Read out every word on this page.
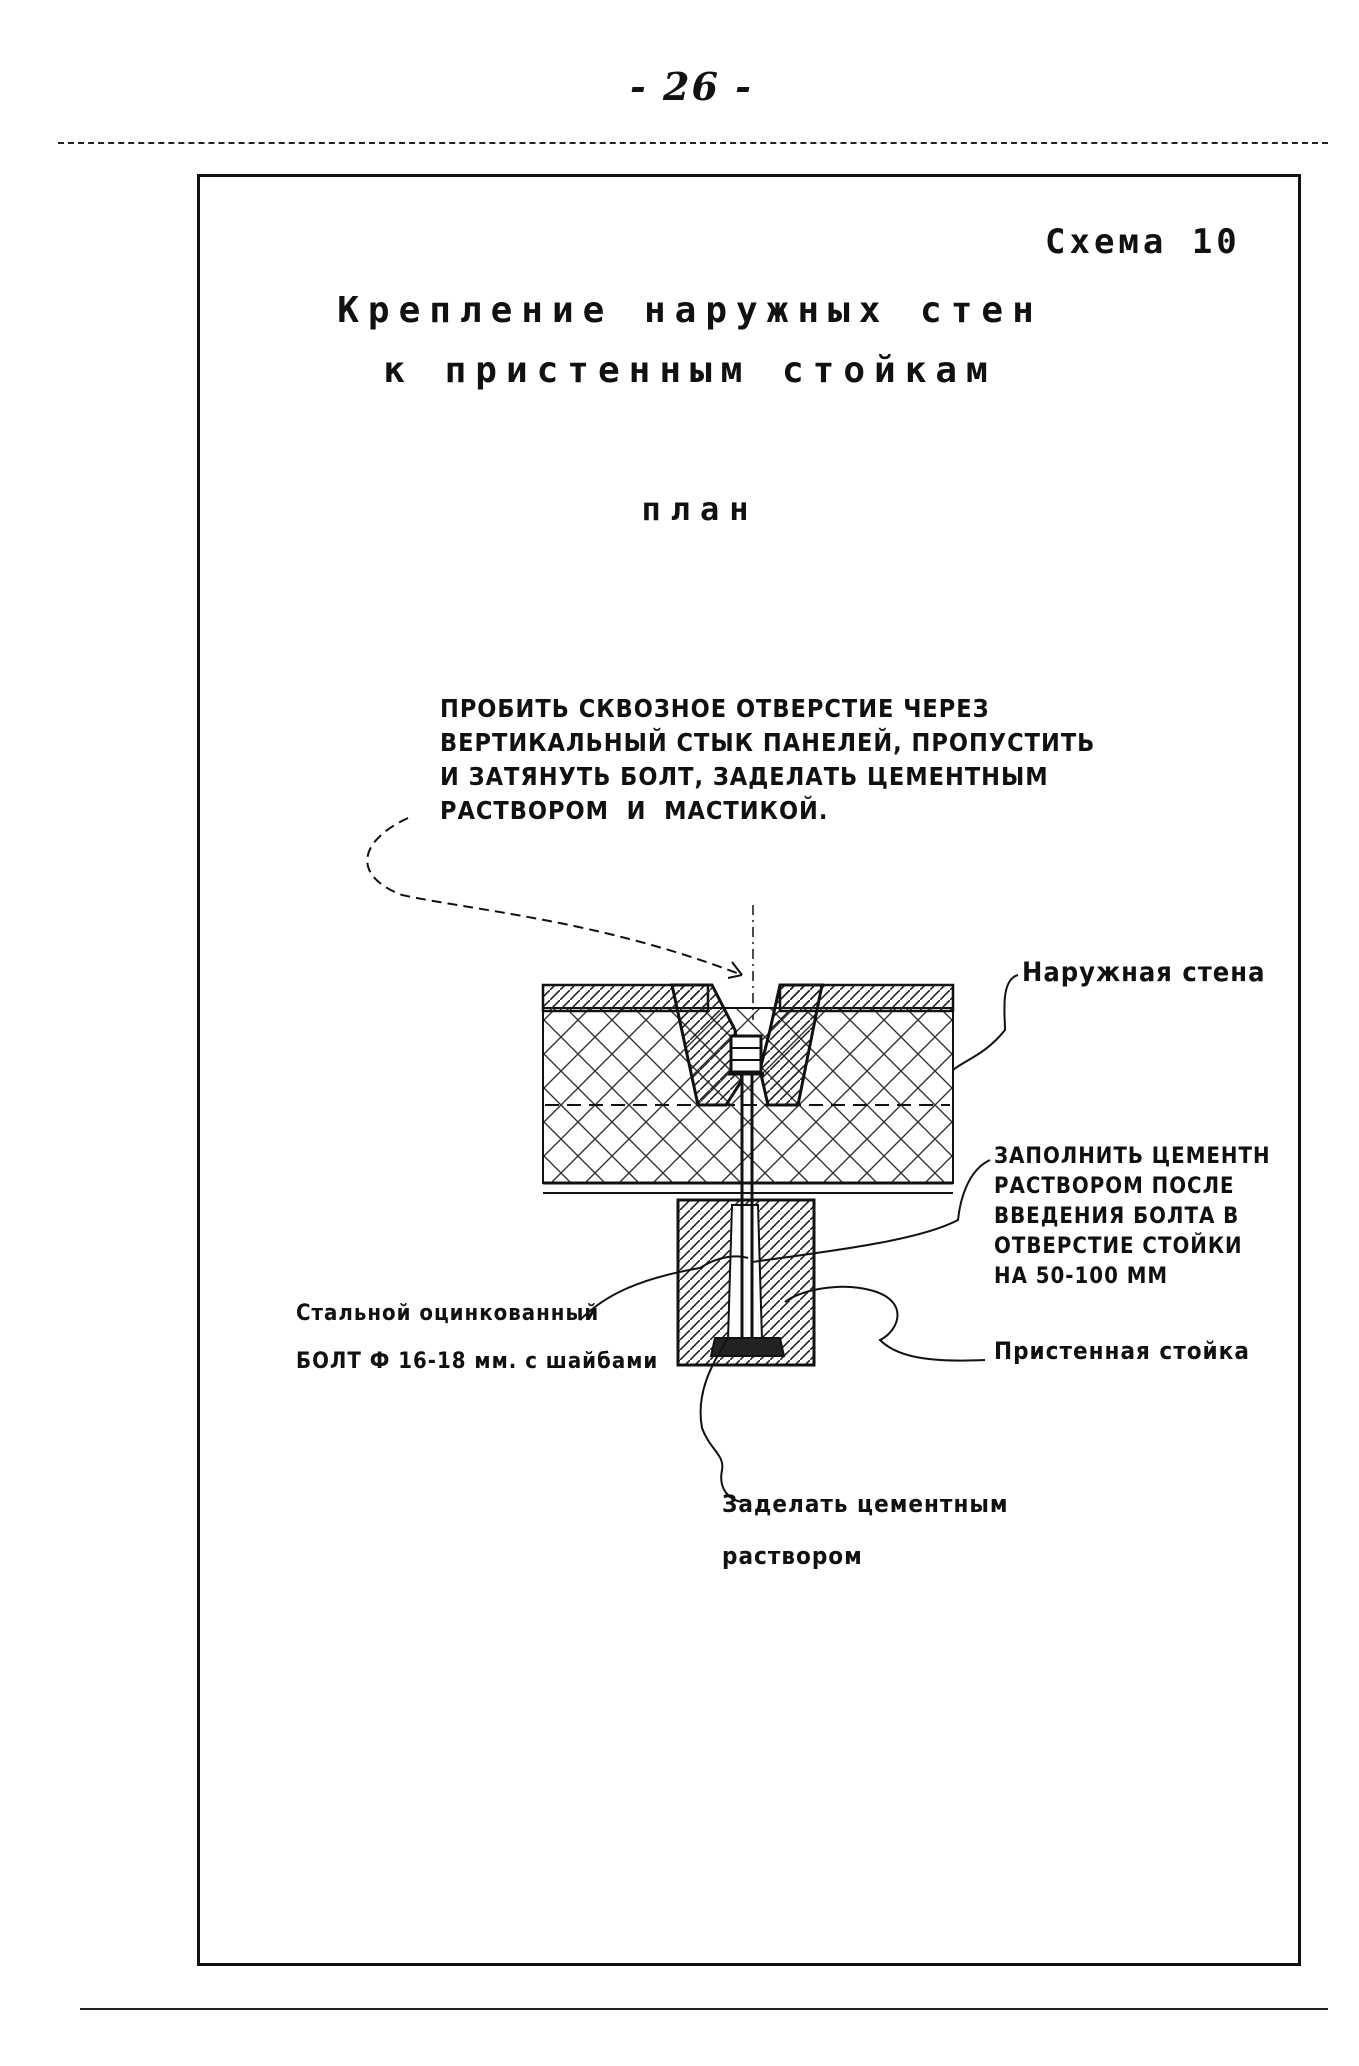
- 26 -
Схема 10
Крепление наружных стен
к пристенным стойкам
план
ПРОБИТЬ СКВОЗНОЕ ОТВЕРСТИЕ ЧЕРЕЗ
ВЕРТИКАЛЬНЫЙ СТЫК ПАНЕЛЕЙ, ПРОПУСТИТЬ
И ЗАТЯНУТЬ БОЛТ, ЗАДЕЛАТЬ ЦЕМЕНТНЫМ
РАСТВОРОМ  И  МАСТИКОЙ.
Наружная стена
ЗАПОЛНИТЬ ЦЕМЕНТН
РАСТВОРОМ ПОСЛЕ
ВВЕДЕНИЯ БОЛТА В
ОТВЕРСТИЕ СТОЙКИ
НА 50-100 ММ
Стальной оцинкованный
БОЛТ Ф 16-18 мм. с шайбами	Пристенная стойка
Заделать цементным
раствором
